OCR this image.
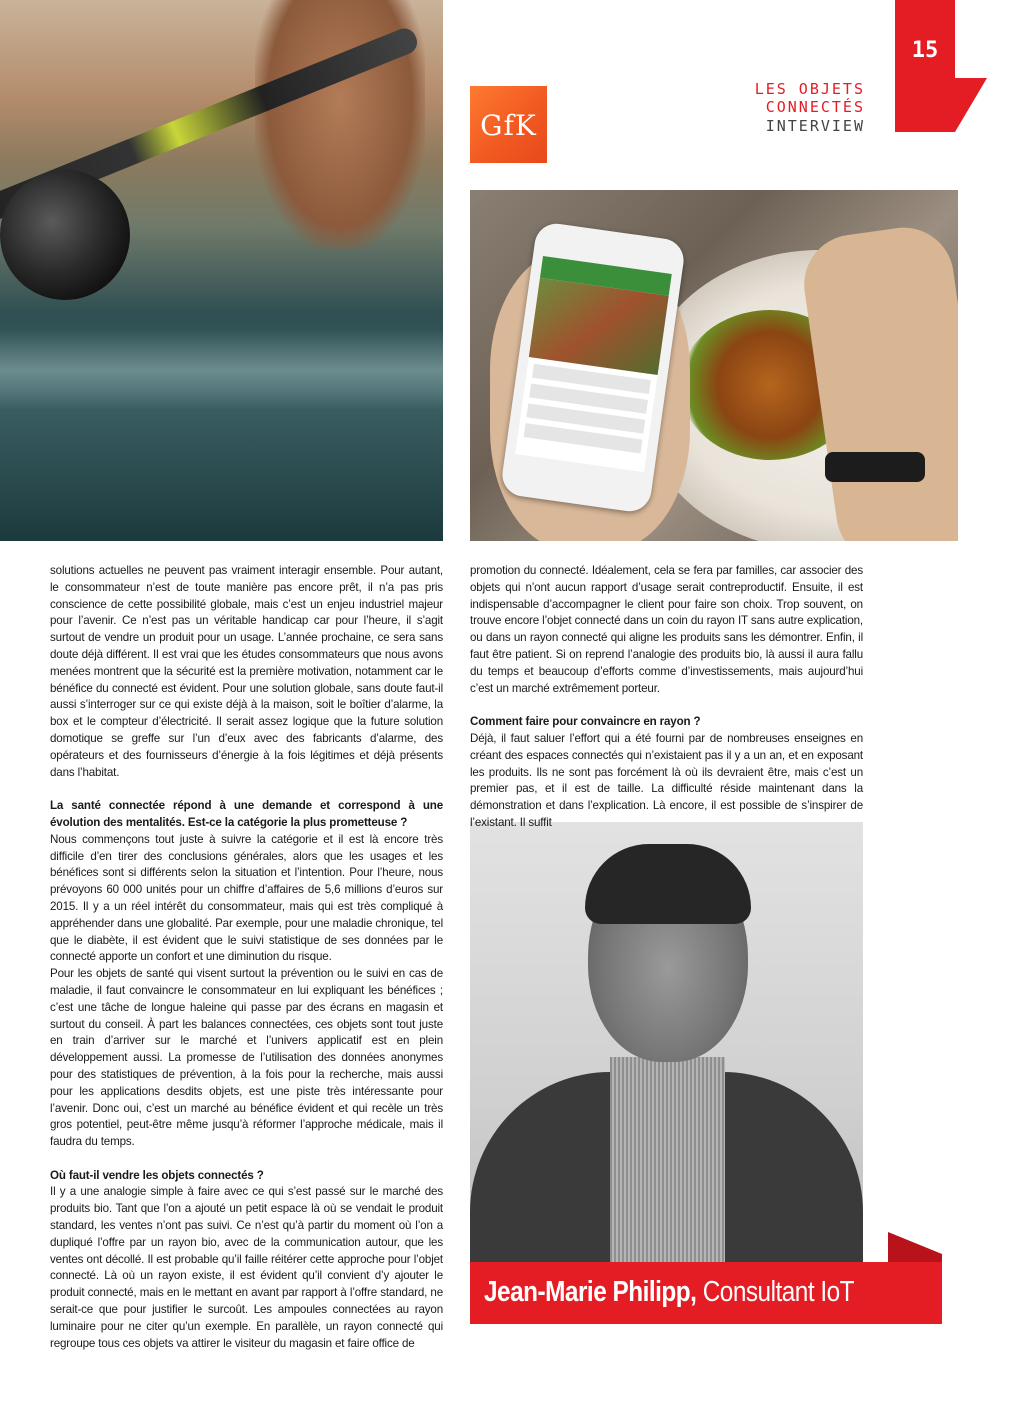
15
LES OBJETS
CONNECTÉS
INTERVIEW
GfK

solutions actuelles ne peuvent pas vraiment interagir ensemble. Pour autant, le consommateur n’est de toute manière pas encore prêt, il n’a pas pris conscience de cette possibilité globale, mais c’est un enjeu industriel majeur pour l’avenir. Ce n’est pas un véritable handicap car pour l’heure, il s’agit surtout de vendre un produit pour un usage. L’année prochaine, ce sera sans doute déjà différent. Il est vrai que les études consommateurs que nous avons menées montrent que la sécurité est la première motivation, notamment car le bénéfice du connecté est évident. Pour une solution globale, sans doute faut-il aussi s’interroger sur ce qui existe déjà à la maison, soit le boîtier d’alarme, la box et le compteur d’électricité. Il serait assez logique que la future solution domotique se greffe sur l’un d’eux avec des fabricants d’alarme, des opérateurs et des fournisseurs d’énergie à la fois légitimes et déjà présents dans l’habitat.

La santé connectée répond à une demande et correspond à une évolution des mentalités. Est-ce la catégorie la plus prometteuse ?

Nous commençons tout juste à suivre la catégorie et il est là encore très difficile d’en tirer des conclusions générales, alors que les usages et les bénéfices sont si différents selon la situation et l’intention. Pour l’heure, nous prévoyons 60 000 unités pour un chiffre d’affaires de 5,6 millions d’euros sur 2015. Il y a un réel intérêt du consommateur, mais qui est très compliqué à appréhender dans une globalité. Par exemple, pour une maladie chronique, tel que le diabète, il est évident que le suivi statistique de ses données par le connecté apporte un confort et une diminution du risque.

Pour les objets de santé qui visent surtout la prévention ou le suivi en cas de maladie, il faut convaincre le consommateur en lui expliquant les bénéfices ; c’est une tâche de longue haleine qui passe par des écrans en magasin et surtout du conseil. À part les balances connectées, ces objets sont tout juste en train d’arriver sur le marché et l’univers applicatif est en plein développement aussi. La promesse de l’utilisation des données anonymes pour des statistiques de prévention, à la fois pour la recherche, mais aussi pour les applications desdits objets, est une piste très intéressante pour l’avenir. Donc oui, c’est un marché au bénéfice évident et qui recèle un très gros potentiel, peut-être même jusqu’à réformer l’approche médicale, mais il faudra du temps.

Où faut-il vendre les objets connectés ?

Il y a une analogie simple à faire avec ce qui s’est passé sur le marché des produits bio. Tant que l’on a ajouté un petit espace là où se vendait le produit standard, les ventes n’ont pas suivi. Ce n’est qu’à partir du moment où l’on a dupliqué l’offre par un rayon bio, avec de la communication autour, que les ventes ont décollé. Il est probable qu’il faille réitérer cette approche pour l’objet connecté. Là où un rayon existe, il est évident qu’il convient d’y ajouter le produit connecté, mais en le mettant en avant par rapport à l’offre standard, ne serait-ce que pour justifier le surcoût. Les ampoules connectées au rayon luminaire pour ne citer qu’un exemple. En parallèle, un rayon connecté qui regroupe tous ces objets va attirer le visiteur du magasin et faire office de

promotion du connecté. Idéalement, cela se fera par familles, car associer des objets qui n’ont aucun rapport d’usage serait contreproductif. Ensuite, il est indispensable d’accompagner le client pour faire son choix. Trop souvent, on trouve encore l’objet connecté dans un coin du rayon IT sans autre explication, ou dans un rayon connecté qui aligne les produits sans les démontrer. Enfin, il faut être patient. Si on reprend l’analogie des produits bio, là aussi il aura fallu du temps et beaucoup d’efforts comme d’investissements, mais aujourd’hui c’est un marché extrêmement porteur.

Comment faire pour convaincre en rayon ?

Déjà, il faut saluer l’effort qui a été fourni par de nombreuses enseignes en créant des espaces connectés qui n’existaient pas il y a un an, et en exposant les produits. Ils ne sont pas forcément là où ils devraient être, mais c’est un premier pas, et il est de taille. La difficulté réside maintenant dans la démonstration et dans l’explication. Là encore, il est possible de s’inspirer de l’existant. Il suffit

Jean-Marie Philipp, Consultant IoT
